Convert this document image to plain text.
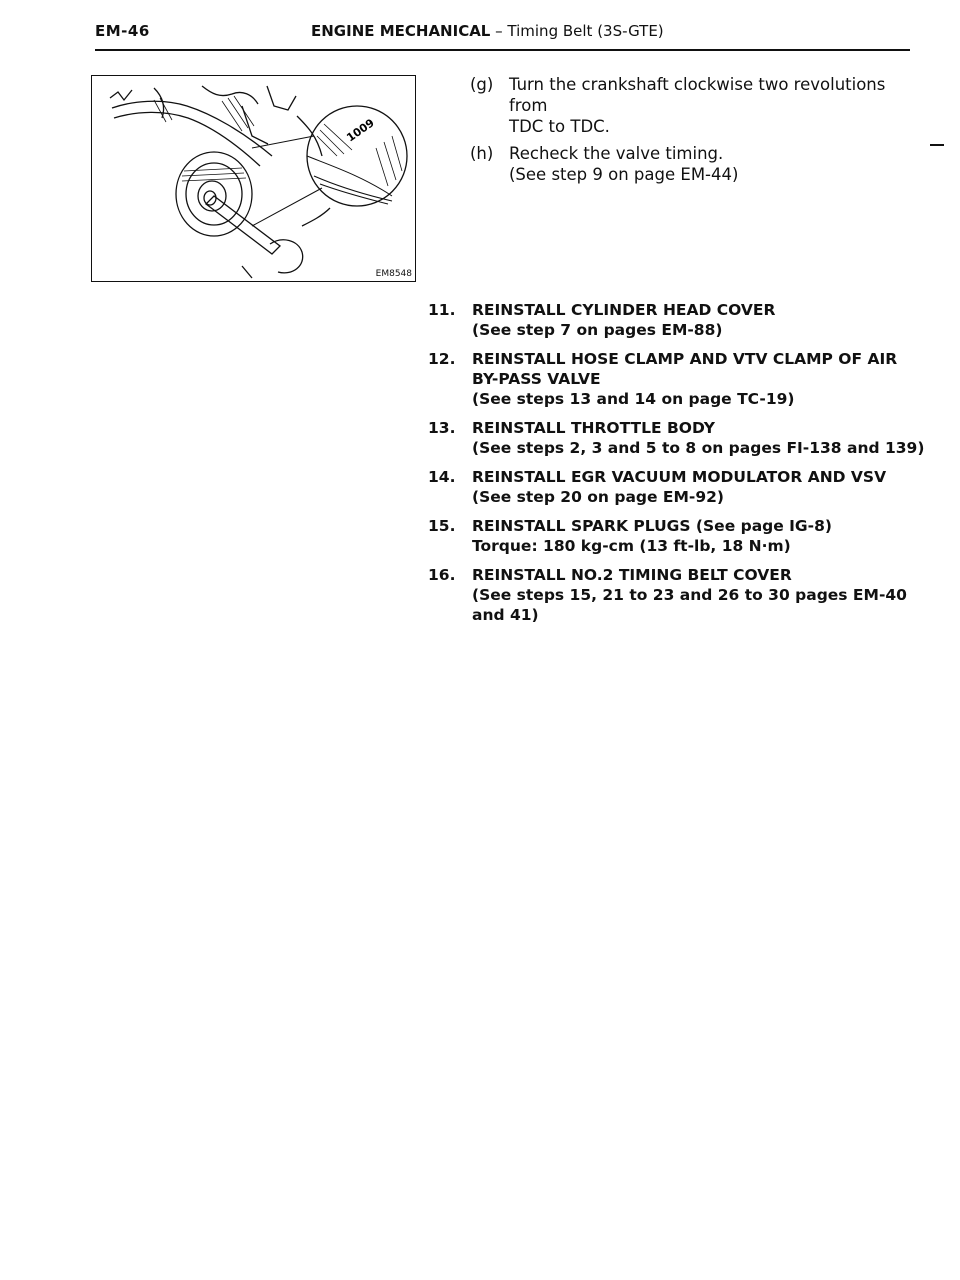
EM-46	ENGINE MECHANICAL – Timing Belt (3S-GTE)
1009
EM8548
(g) Turn the crankshaft clockwise two revolutions from
TDC to TDC.
(h) Recheck the valve timing.
(See step 9 on page EM-44)
11. REINSTALL CYLINDER HEAD COVER
(See step 7 on pages EM-88)
12. REINSTALL HOSE CLAMP AND VTV CLAMP OF AIR
BY-PASS VALVE
(See steps 13 and 14 on page TC-19)
13. REINSTALL THROTTLE BODY
(See steps 2, 3 and 5 to 8 on pages FI-138 and 139)
14. REINSTALL EGR VACUUM MODULATOR AND VSV
(See step 20 on page EM-92)
15. REINSTALL SPARK PLUGS (See page IG-8)
Torque: 180 kg-cm (13 ft-lb, 18 N·m)
16. REINSTALL NO.2 TIMING BELT COVER
(See steps 15, 21 to 23 and 26 to 30 pages EM-40
and 41)
